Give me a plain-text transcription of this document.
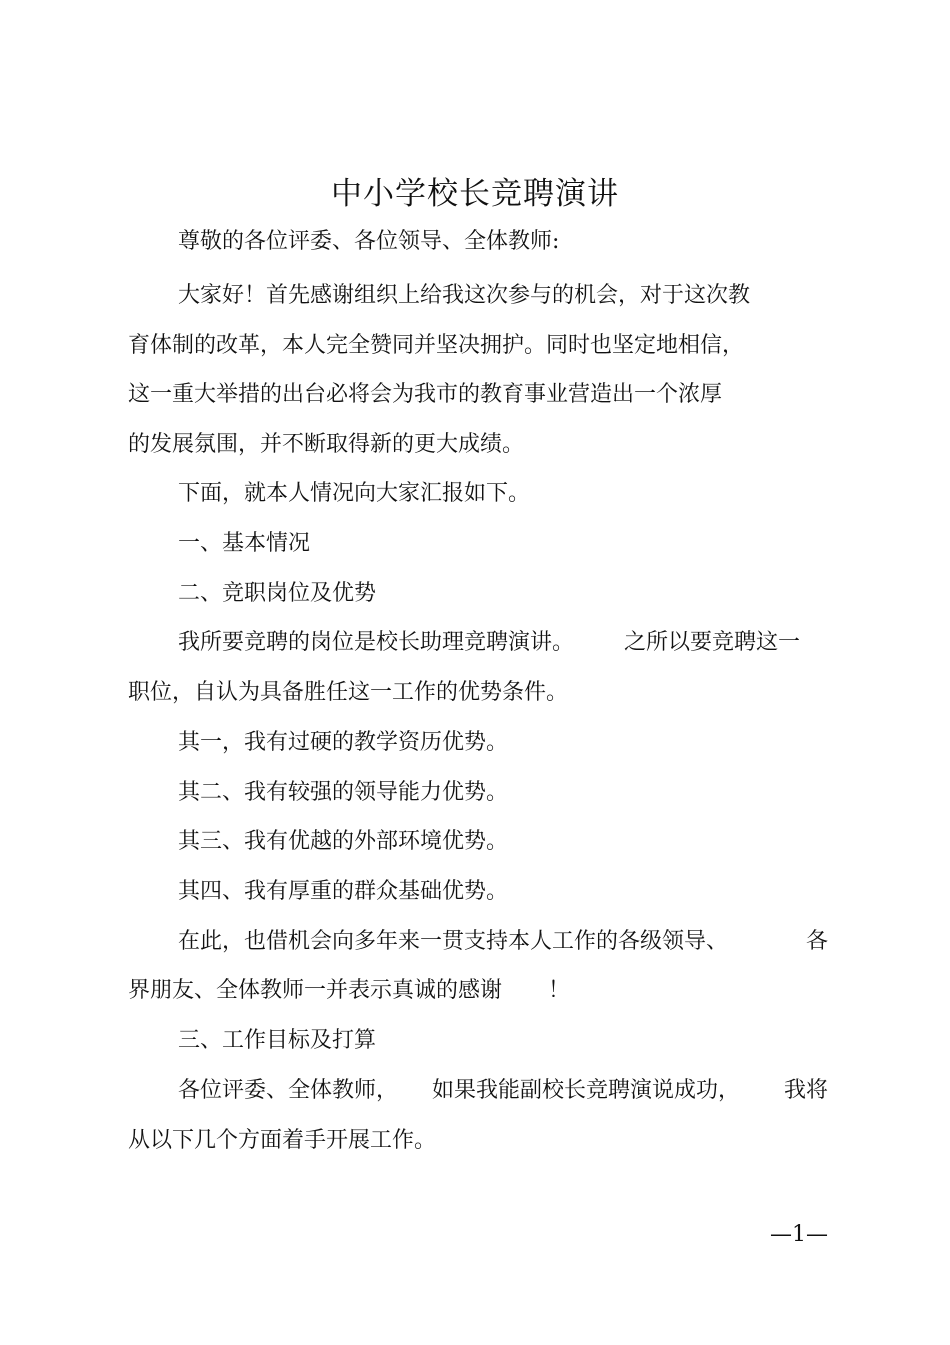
中小学校长竞聘演讲
尊敬的各位评委、各位领导、全体教师:
大家好！首先感谢组织上给我这次参与的机会，对于这次教
育体制的改革，本人完全赞同并坚决拥护。同时也坚定地相信，
这一重大举措的出台必将会为我市的教育事业营造出一个浓厚
的发展氛围，并不断取得新的更大成绩。
下面，就本人情况向大家汇报如下。
一、基本情况
二、竞职岗位及优势
我所要竞聘的岗位是校长助理竞聘演讲。 之所以要竞聘这一
职位，自认为具备胜任这一工作的优势条件。
其一，我有过硬的教学资历优势。
其二、我有较强的领导能力优势。
其三、我有优越的外部环境优势。
其四、我有厚重的群众基础优势。
在此，也借机会向多年来一贯支持本人工作的各级领导、	各
界朋友、全体教师一并表示真诚的感谢 ！
三、工作目标及打算
各位评委、全体教师， 如果我能副校长竞聘演说成功， 我将
从以下几个方面着手开展工作。
—1—
